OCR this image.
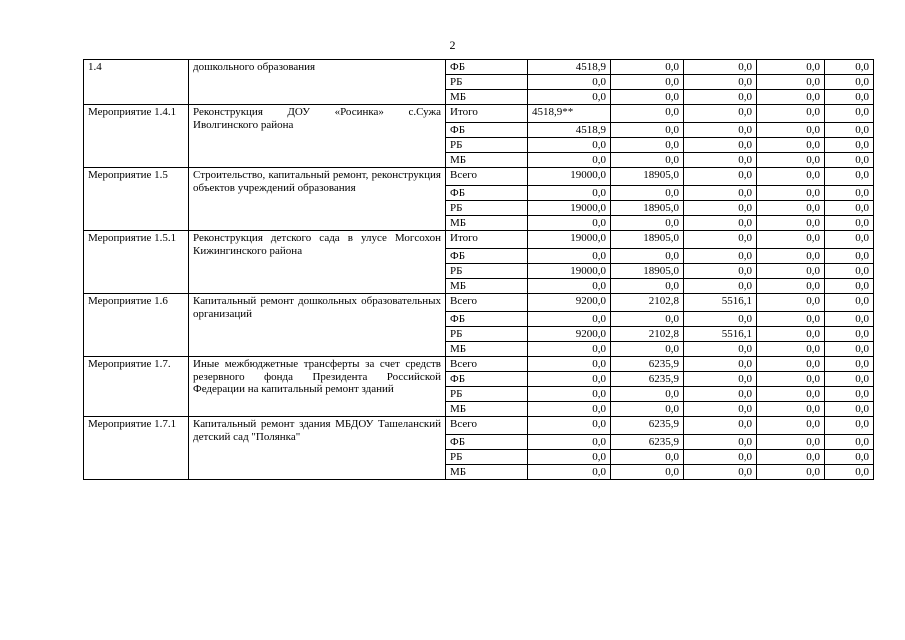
2
1.4	дошкольного образования	ФБ	4518,9	0,0	0,0	0,0	0,0
		РБ	0,0	0,0	0,0	0,0	0,0
		МБ	0,0	0,0	0,0	0,0	0,0
Мероприятие 1.4.1	Реконструкция ДОУ «Росинка» с.Сужа Иволгинского района	Итого	4518,9**	0,0	0,0	0,0	0,0
		ФБ	4518,9	0,0	0,0	0,0	0,0
		РБ	0,0	0,0	0,0	0,0	0,0
		МБ	0,0	0,0	0,0	0,0	0,0
Мероприятие 1.5	Строительство, капитальный ремонт, реконструкция объектов учреждений образования	Всего	19000,0	18905,0	0,0	0,0	0,0
		ФБ	0,0	0,0	0,0	0,0	0,0
		РБ	19000,0	18905,0	0,0	0,0	0,0
		МБ	0,0	0,0	0,0	0,0	0,0
Мероприятие 1.5.1	Реконструкция детского сада в улусе Могсохон Кижингинского района	Итого	19000,0	18905,0	0,0	0,0	0,0
		ФБ	0,0	0,0	0,0	0,0	0,0
		РБ	19000,0	18905,0	0,0	0,0	0,0
		МБ	0,0	0,0	0,0	0,0	0,0
Мероприятие 1.6	Капитальный ремонт дошкольных образовательных организаций	Всего	9200,0	2102,8	5516,1	0,0	0,0
		ФБ	0,0	0,0	0,0	0,0	0,0
		РБ	9200,0	2102,8	5516,1	0,0	0,0
		МБ	0,0	0,0	0,0	0,0	0,0
Мероприятие 1.7.	Иные межбюджетные трансферты за счет средств резервного фонда Президента Российской Федерации на капитальный ремонт зданий	Всего	0,0	6235,9	0,0	0,0	0,0
		ФБ	0,0	6235,9	0,0	0,0	0,0
		РБ	0,0	0,0	0,0	0,0	0,0
		МБ	0,0	0,0	0,0	0,0	0,0
Мероприятие 1.7.1	Капитальный ремонт здания МБДОУ Ташеланский детский сад "Полянка"	Всего	0,0	6235,9	0,0	0,0	0,0
		ФБ	0,0	6235,9	0,0	0,0	0,0
		РБ	0,0	0,0	0,0	0,0	0,0
		МБ	0,0	0,0	0,0	0,0	0,0
